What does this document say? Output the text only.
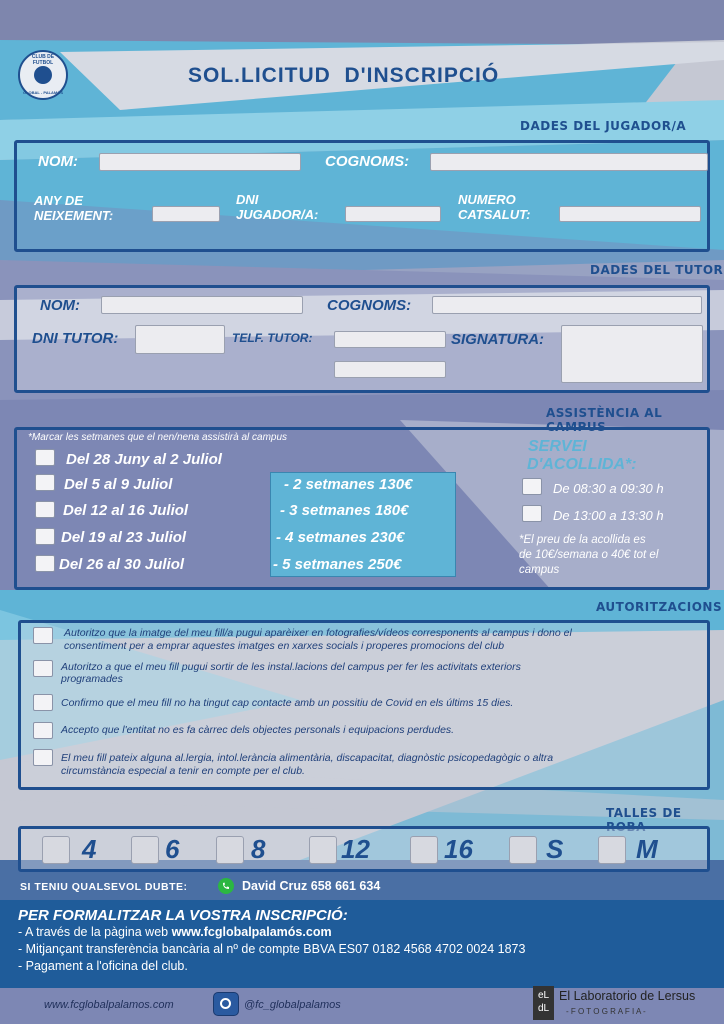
CLUB DE FUTBOL
GLOBAL - PALAMÓS
SOL.LICITUD  D'INSCRIPCIÓ
DADES DEL JUGADOR/A
NOM:	COGNOMS:
ANY DE
NEIXEMENT:
DNI
JUGADOR/A:
NUMERO
CATSALUT:
DADES DEL TUTOR
NOM:	COGNOMS:
DNI TUTOR:	TELF. TUTOR:	SIGNATURA:
ASSISTÈNCIA AL CAMPUS
*Marcar les setmanes que el nen/nena assistirà al campus
Del 28 Juny al 2 Juliol
Del 5 al 9 Juliol
Del 12 al 16 Juliol
Del 19 al 23 Juliol
Del 26 al 30 Juliol
- 2 setmanes 130€
- 3 setmanes 180€
- 4 setmanes 230€
- 5 setmanes 250€
SERVEI
D'ACOLLIDA*:
De 08:30 a 09:30 h
De 13:00 a 13:30 h
*El preu de la acollida es
de 10€/semana o 40€ tot el
campus
AUTORITZACIONS
Autoritzo que la imatge del meu fill/a pugui aparèixer en fotografies/vídeos corresponents al campus i dono el
consentiment per a emprar aquestes imatges en xarxes socials i properes promocions del club
Autoritzo a que el meu fill pugui sortir de les instal.lacions del campus per fer les activitats exteriors
programades
Confirmo que el meu fill no ha tingut cap contacte amb un possitiu de Covid en els últims 15 dies.
Accepto que l'entitat no es fa càrrec dels objectes personals i equipacions perdudes.
El meu fill pateix alguna al.lergia, intol.lerància alimentària, discapacitat, diagnòstic psicopedagògic o altra
circumstància especial a tenir en compte per el club.
TALLES DE ROBA
4	6	8	12	16	S	M
SI TENIU QUALSEVOL DUBTE:	David Cruz 658 661 634
PER FORMALITZAR LA VOSTRA INSCRIPCIÓ:
- A través de la pàgina web www.fcglobalpalamós.com
- Mitjançant transferència bancària al nº de compte BBVA ES07 0182 4568 4702 0024 1873
- Pagament a l'oficina del club.
www.fcglobalpalamos.com	@fc_globalpalamos
eL dL
El Laboratorio de Lersus
- F O T O G R A F I A -
